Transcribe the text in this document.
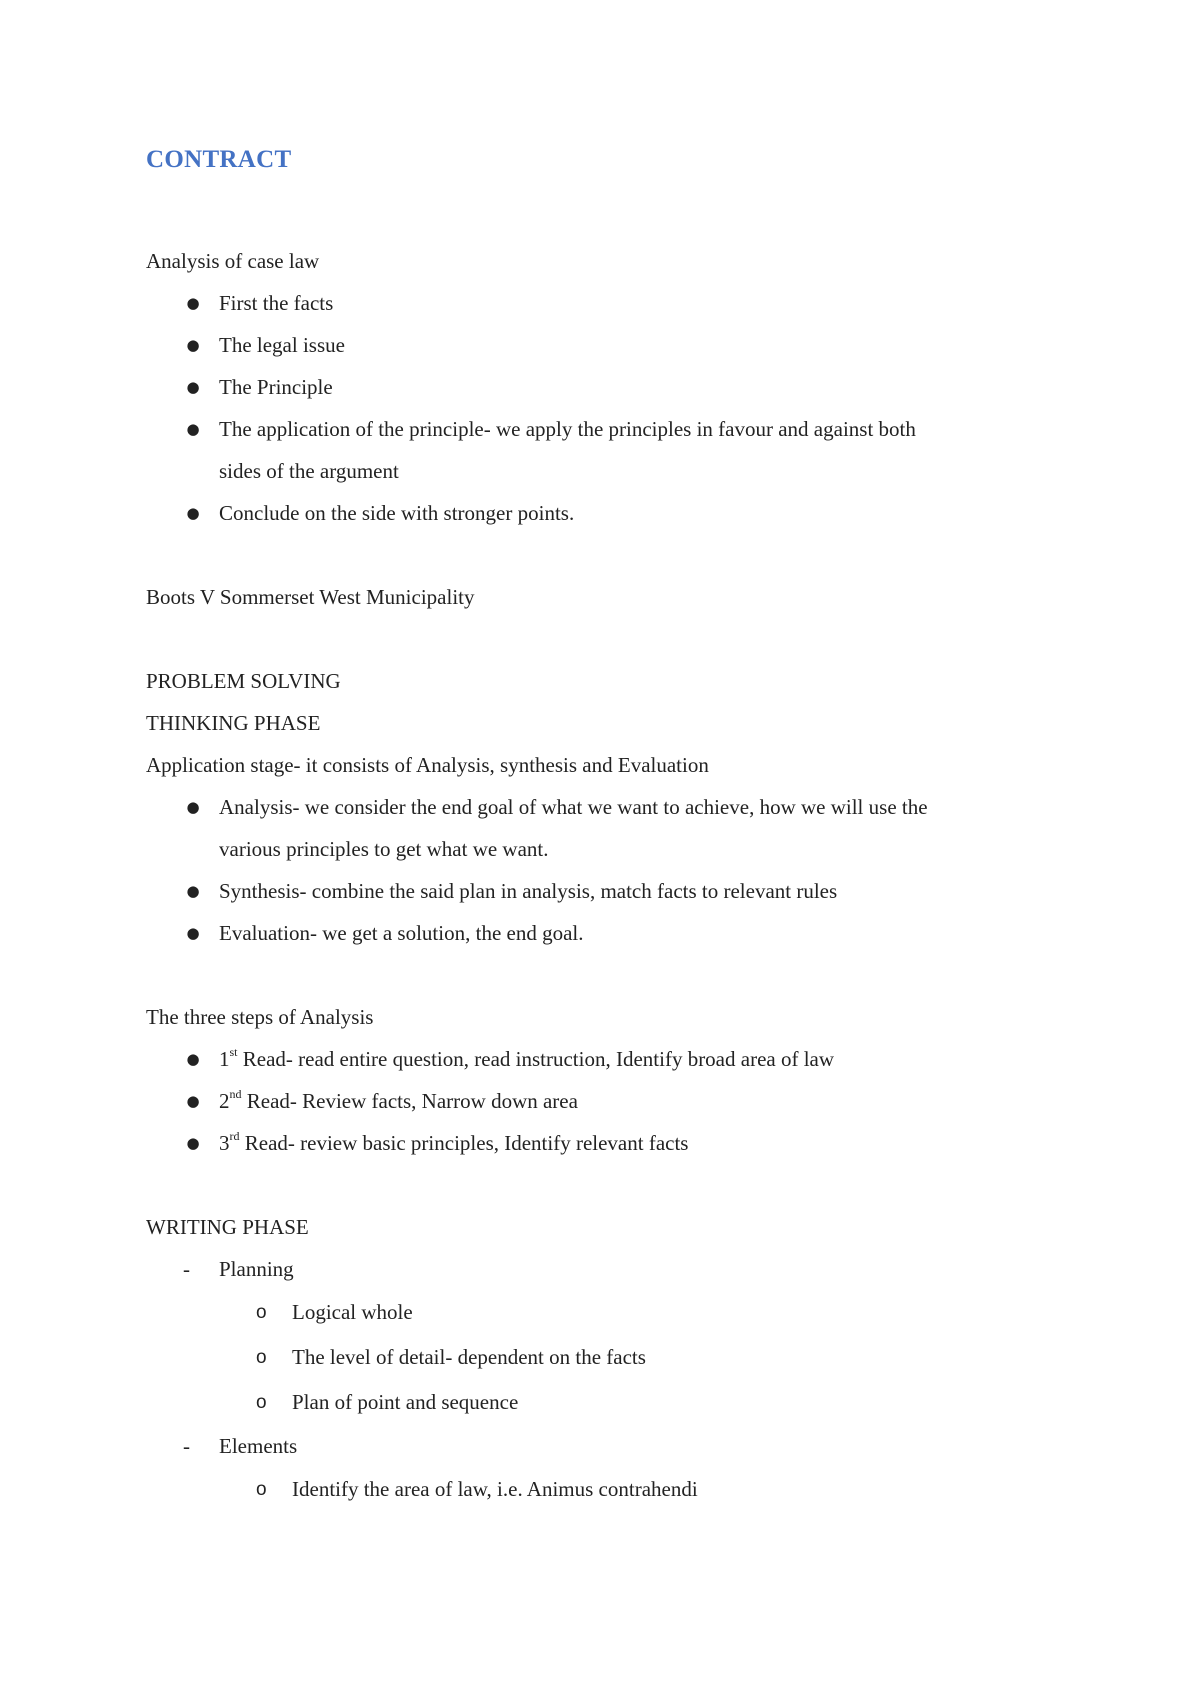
CONTRACT

Analysis of case law

● First the facts
● The legal issue
● The Principle
● The application of the principle- we apply the principles in favour and against both
sides of the argument
● Conclude on the side with stronger points.

Boots V Sommerset West Municipality

PROBLEM SOLVING

THINKING PHASE

Application stage- it consists of Analysis, synthesis and Evaluation

● Analysis- we consider the end goal of what we want to achieve, how we will use the
various principles to get what we want.
● Synthesis- combine the said plan in analysis, match facts to relevant rules
● Evaluation- we get a solution, the end goal.

The three steps of Analysis

● 1st Read- read entire question, read instruction, Identify broad area of law
● 2nd Read- Review facts, Narrow down area
● 3rd Read- review basic principles, Identify relevant facts

WRITING PHASE

- Planning
o Logical whole
o The level of detail- dependent on the facts
o Plan of point and sequence
- Elements
o Identify the area of law, i.e. Animus contrahendi
